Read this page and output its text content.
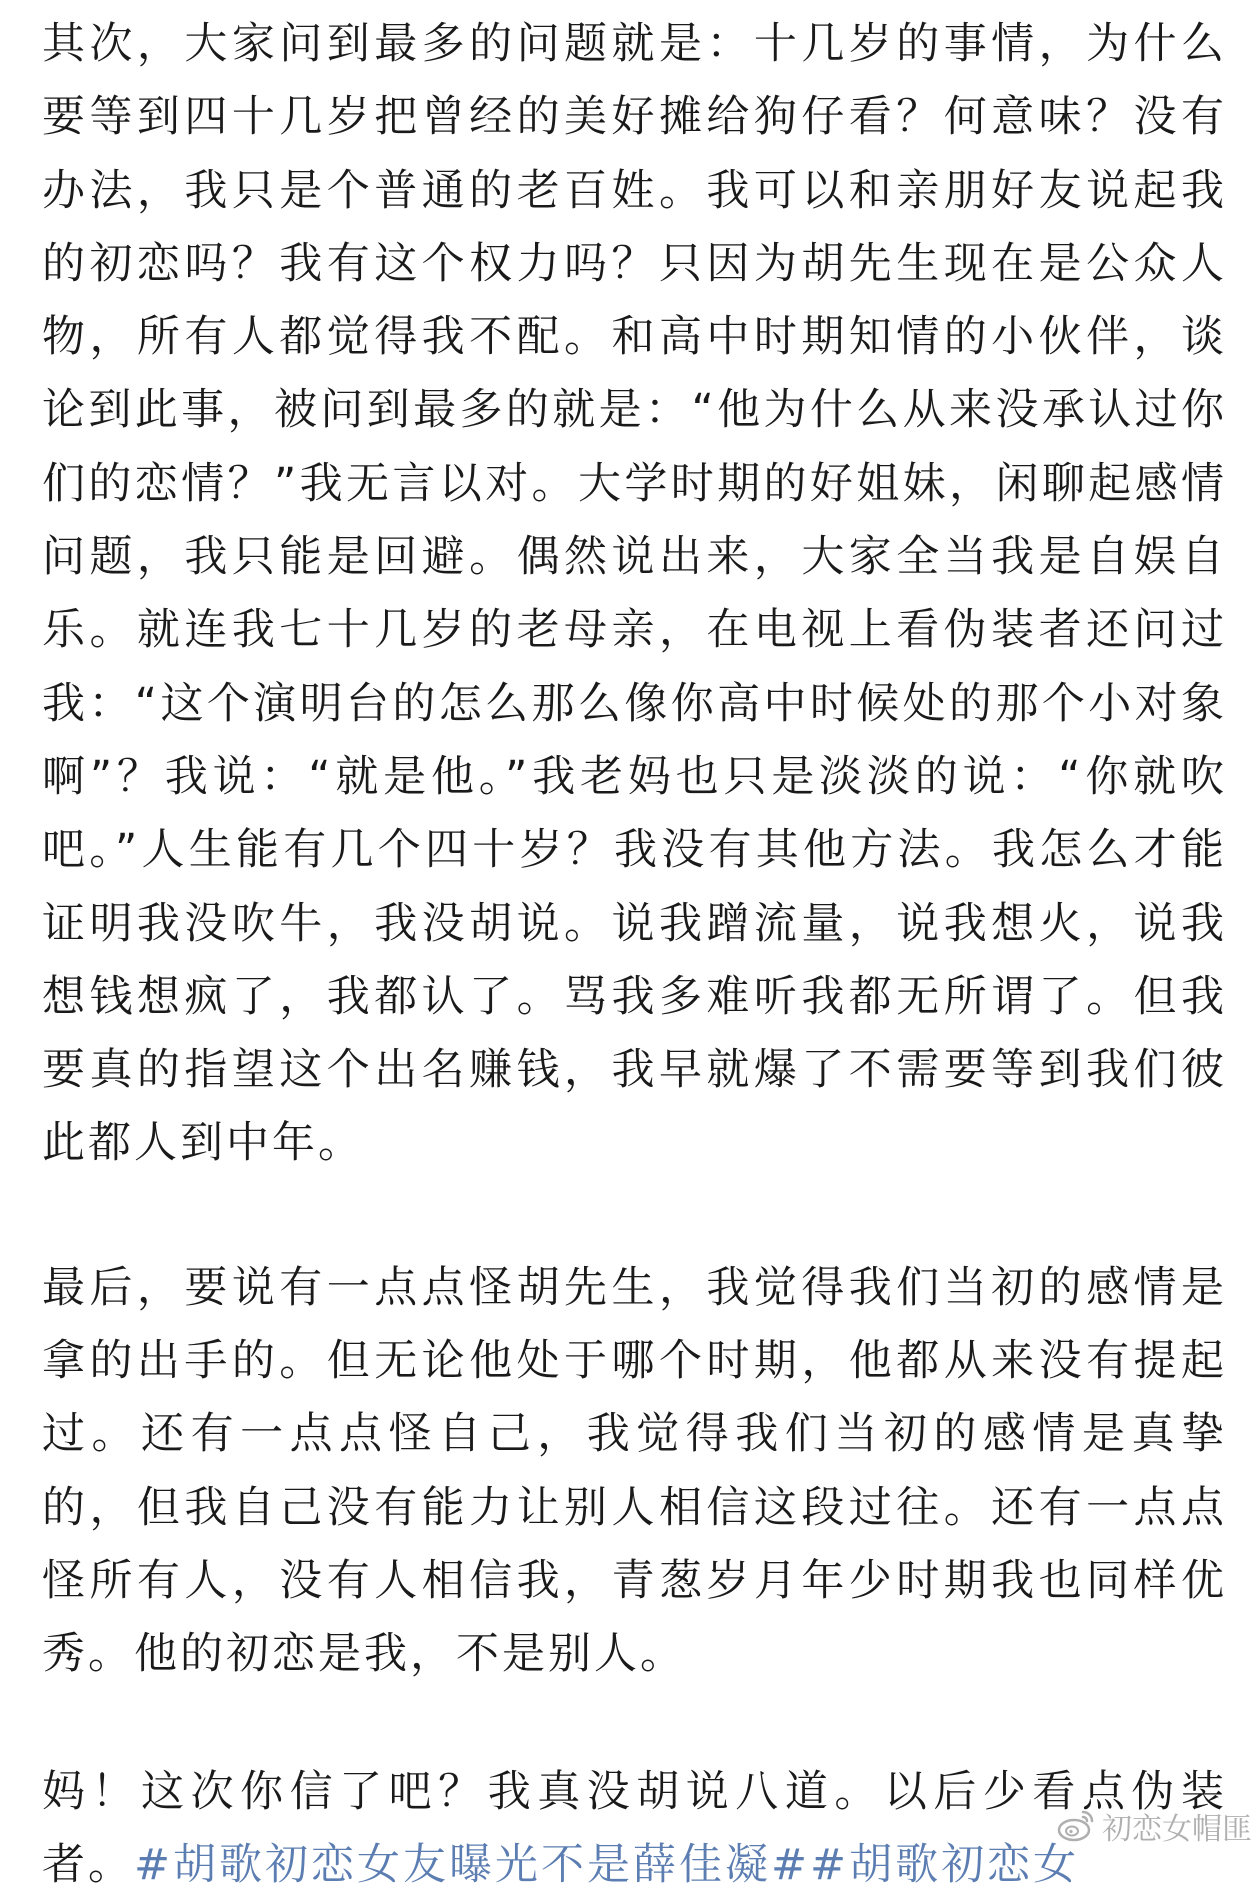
其次，大家问到最多的问题就是：十几岁的事情，为什么要等到四十几岁把曾经的美好摊给狗仔看？何意味？没有办法，我只是个普通的老百姓。我可以和亲朋好友说起我的初恋吗？我有这个权力吗？只因为胡先生现在是公众人物，所有人都觉得我不配。和高中时期知情的小伙伴，谈论到此事，被问到最多的就是：“他为什么从来没承认过你们的恋情？”我无言以对。大学时期的好姐妹，闲聊起感情问题，我只能是回避。偶然说出来，大家全当我是自娱自乐。就连我七十几岁的老母亲，在电视上看伪装者还问过我：“这个演明台的怎么那么像你高中时候处的那个小对象啊”？我说：“就是他。”我老妈也只是淡淡的说：“你就吹吧。”人生能有几个四十岁？我没有其他方法。我怎么才能证明我没吹牛，我没胡说。说我蹭流量，说我想火，说我想钱想疯了，我都认了。骂我多难听我都无所谓了。但我要真的指望这个出名赚钱，我早就爆了不需要等到我们彼此都人到中年。

最后，要说有一点点怪胡先生，我觉得我们当初的感情是拿的出手的。但无论他处于哪个时期，他都从来没有提起过。还有一点点怪自己，我觉得我们当初的感情是真挚的，但我自己没有能力让别人相信这段过往。还有一点点怪所有人，没有人相信我，青葱岁月年少时期我也同样优秀。他的初恋是我，不是别人。

妈！这次你信了吧？我真没胡说八道。以后少看点伪装者。#胡歌初恋女友曝光不是薛佳凝##胡歌初恋女

初恋女帽匪
